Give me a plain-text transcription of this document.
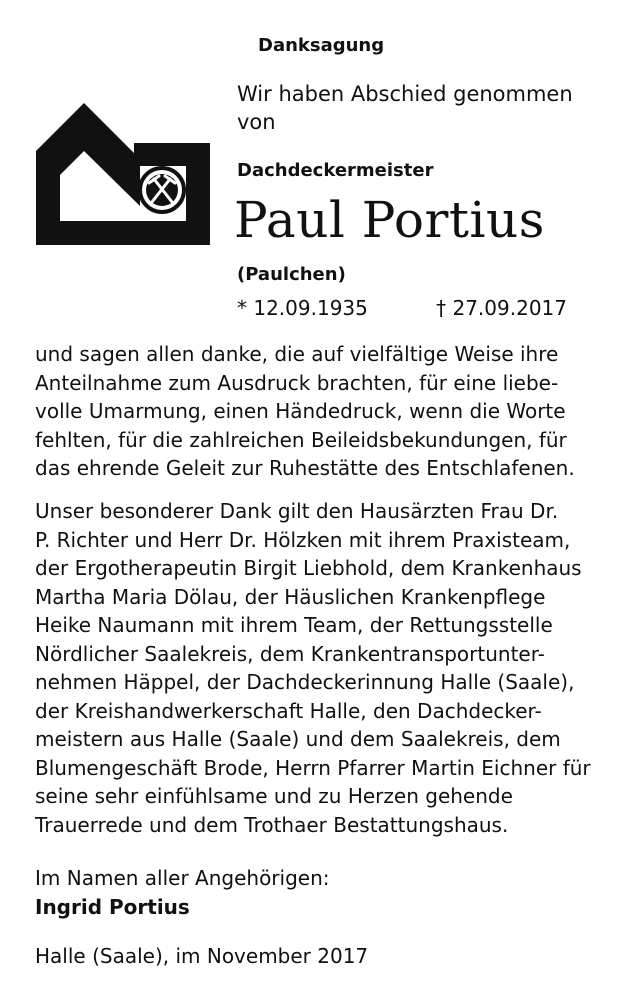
Danksagung
Wir haben Abschied genommen
von
Dachdeckermeister
Paul Portius
(Paulchen)
* 12.09.1935	† 27.09.2017
und sagen allen danke, die auf vielfältige Weise ihre
Anteilnahme zum Ausdruck brachten, für eine liebe-
volle Umarmung, einen Händedruck, wenn die Worte
fehlten, für die zahlreichen Beileidsbekundungen, für
das ehrende Geleit zur Ruhestätte des Entschlafenen.
Unser besonderer Dank gilt den Hausärzten Frau Dr.
P. Richter und Herr Dr. Hölzken mit ihrem Praxisteam,
der Ergotherapeutin Birgit Liebhold, dem Krankenhaus
Martha Maria Dölau, der Häuslichen Krankenpflege
Heike Naumann mit ihrem Team, der Rettungsstelle
Nördlicher Saalekreis, dem Krankentransportunter-
nehmen Häppel, der Dachdeckerinnung Halle (Saale),
der Kreishandwerkerschaft Halle, den Dachdecker-
meistern aus Halle (Saale) und dem Saalekreis, dem
Blumengeschäft Brode, Herrn Pfarrer Martin Eichner für
seine sehr einfühlsame und zu Herzen gehende
Trauerrede und dem Trothaer Bestattungshaus.
Im Namen aller Angehörigen:
Ingrid Portius
Halle (Saale), im November 2017
